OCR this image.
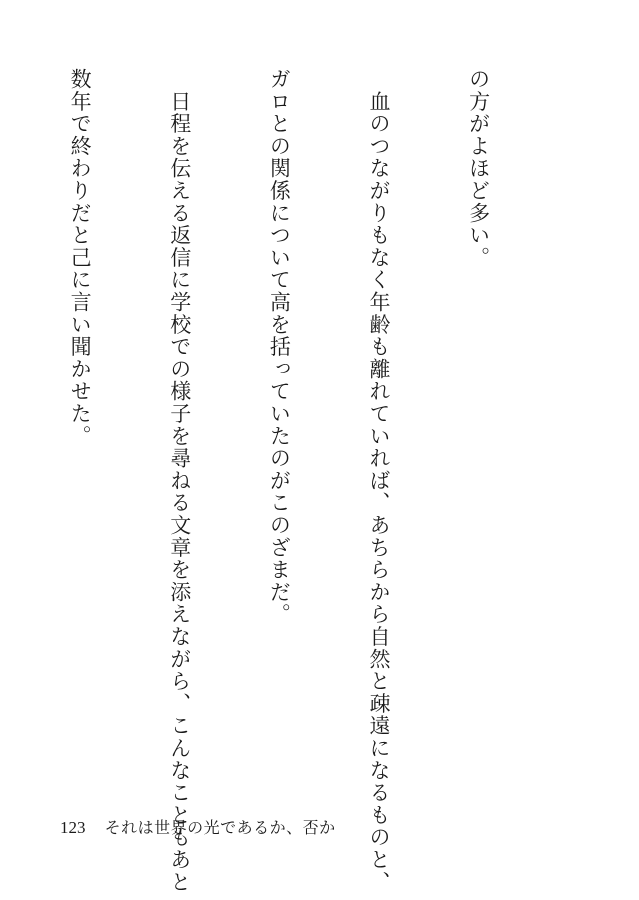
の方がよほど多い。

　血のつながりもなく年齢も離れていれば、あちらから自然と疎遠になるものと、

ガロとの関係について高を括っていたのがこのざまだ。

　日程を伝える返信に学校での様子を尋ねる文章を添えながら、こんなこともあと

数年で終わりだと己に言い聞かせた。

123 それは世界の光であるか、否か
